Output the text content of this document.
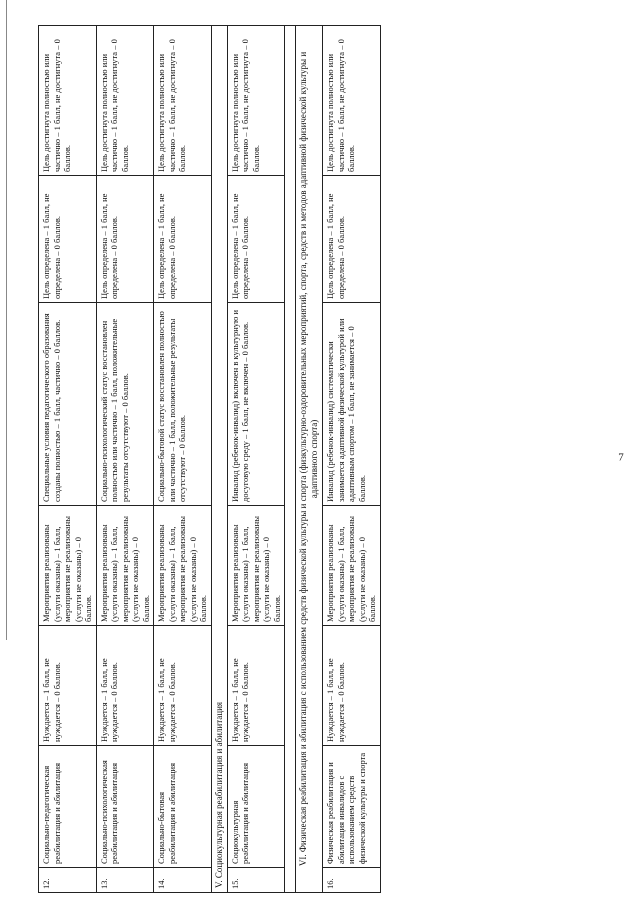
7
12.	Социально-педагогическая реабилитация и абилитация	Нуждается – 1 балл, не нуждается – 0 баллов.	Мероприятия реализованы (услуги оказаны) – 1 балл, мероприятия не реализованы (услуги не оказаны) – 0 баллов.	Специальные условия педагогического образования созданы полностью – 1 балл, частично – 0 баллов.	Цель определена – 1 балл, не определена – 0 баллов.	Цель достигнута полностью или частично – 1 балл, не достигнута – 0 баллов.
13.	Социально-психологическая реабилитация и абилитация	Нуждается – 1 балл, не нуждается – 0 баллов.	Мероприятия реализованы (услуги оказаны) – 1 балл, мероприятия не реализованы (услуги не оказаны) – 0 баллов.	Социально-психологический статус восстановлен полностью или частично – 1 балл, положительные результаты отсутствуют – 0 баллов.	Цель определена – 1 балл, не определена – 0 баллов.	Цель достигнута полностью или частично – 1 балл, не достигнута – 0 баллов.
14.	Социально-бытовая реабилитация и абилитация	Нуждается – 1 балл, не нуждается – 0 баллов.	Мероприятия реализованы (услуги оказаны) – 1 балл, мероприятия не реализованы (услуги не оказаны) – 0 баллов.	Социально-бытовой статус восстановлен полностью или частично – 1 балл, положительные результаты отсутствуют – 0 баллов.	Цель определена – 1 балл, не определена – 0 баллов.	Цель достигнута полностью или частично – 1 балл, не достигнута – 0 баллов.
V. Социокультурная реабилитация и абилитация						
15.	Социокультурная реабилитация и абилитация	Нуждается – 1 балл, не нуждается – 0 баллов.	Мероприятия реализованы (услуги оказаны) – 1 балл, мероприятия не реализованы (услуги не оказаны) – 0 баллов.	Инвалид (ребенок-инвалид) включен в культурную и досуговую среду – 1 балл, не включен – 0 баллов.	Цель определена – 1 балл, не определена – 0 баллов.	Цель достигнута полностью или частично – 1 балл, не достигнута – 0 баллов.

VI. Физическая реабилитация и абилитация с использованием средств физической культуры и спорта (физкультурно-оздоровительных мероприятий, спорта, средств и методов адаптивной физической культуры и адаптивного спорта)						
16.	Физическая реабилитация и абилитация инвалидов с использованием средств физической культуры и спорта	Нуждается – 1 балл, не нуждается – 0 баллов.	Мероприятия реализованы (услуги оказаны) – 1 балл, мероприятия не реализованы (услуги не оказаны) – 0 баллов.	Инвалид (ребенок-инвалид) систематически занимается адаптивной физической культурой или адаптивным спортом – 1 балл, не занимается – 0 баллов.	Цель определена – 1 балл, не определена – 0 баллов.	Цель достигнута полностью или частично – 1 балл, не достигнута – 0 баллов.
